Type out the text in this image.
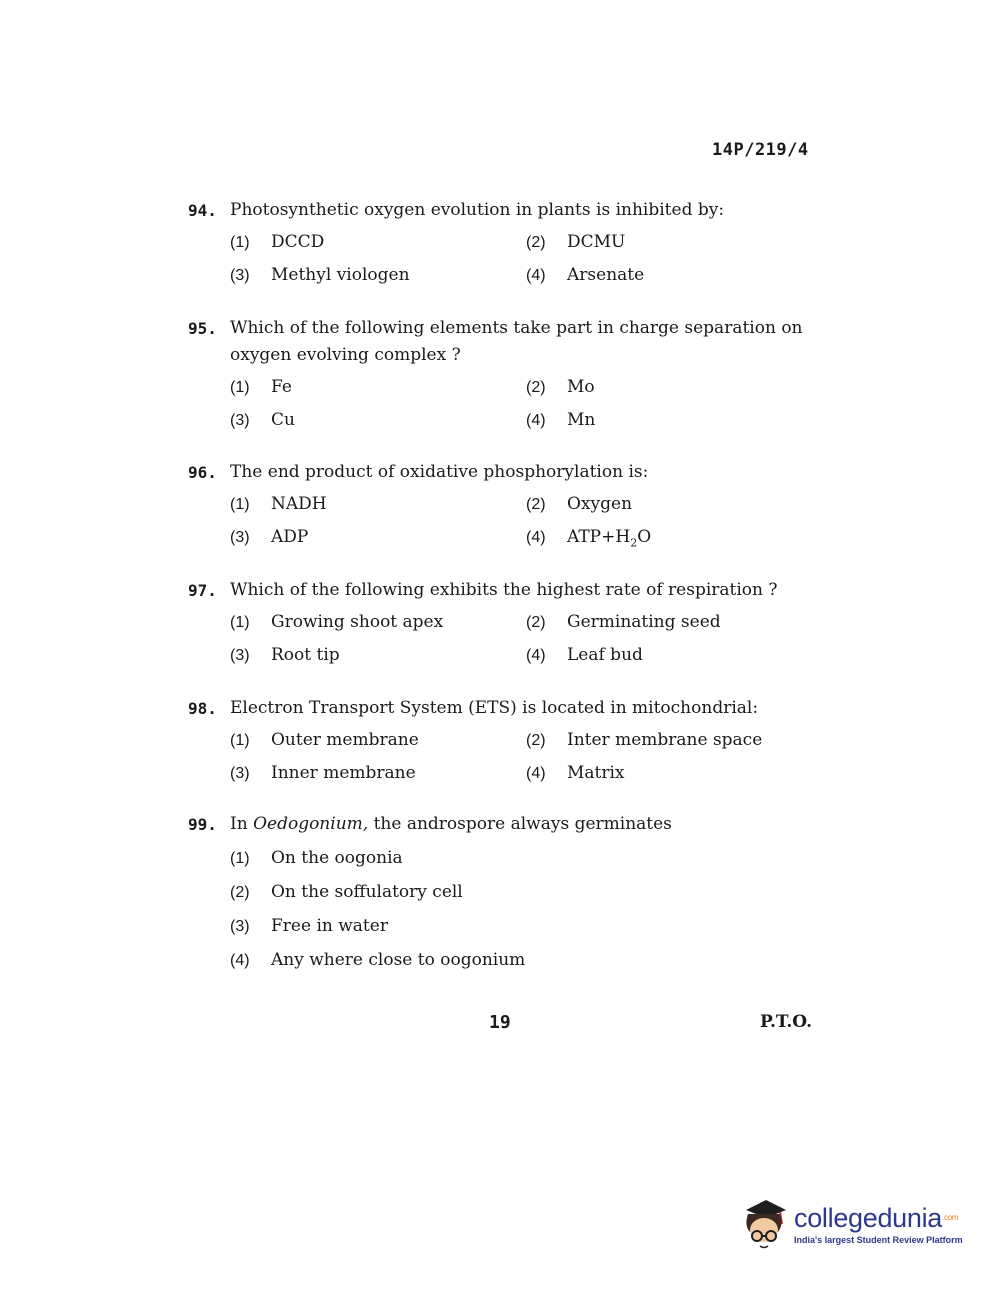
14P/219/4
94. Photosynthetic oxygen evolution in plants is inhibited by:
(1)	DCCD	(2)	DCMU
(3)	Methyl viologen	(4)	Arsenate
95. Which of the following elements take part in charge separation on oxygen evolving complex ?
(1)	Fe	(2)	Mo
(3)	Cu	(4)	Mn
96. The end product of oxidative phosphorylation is:
(1)	NADH	(2)	Oxygen
(3)	ADP	(4)	$ATP+H_2O$
97. Which of the following exhibits the highest rate of respiration ?
(1)	Growing shoot apex	(2)	Germinating seed
(3)	Root tip	(4)	Leaf bud
98. Electron Transport System (ETS) is located in mitochondrial:
(1)	Outer membrane	(2)	Inter membrane space
(3)	Inner membrane	(4)	Matrix
99. In Oedogonium, the androspore always germinates
(1)	On the oogonia
(2)	On the soffulatory cell
(3)	Free in water
(4)	Any where close to oogonium
19	P.T.O.
collegedunia$^{.com}$
India's largest Student Review Platform
